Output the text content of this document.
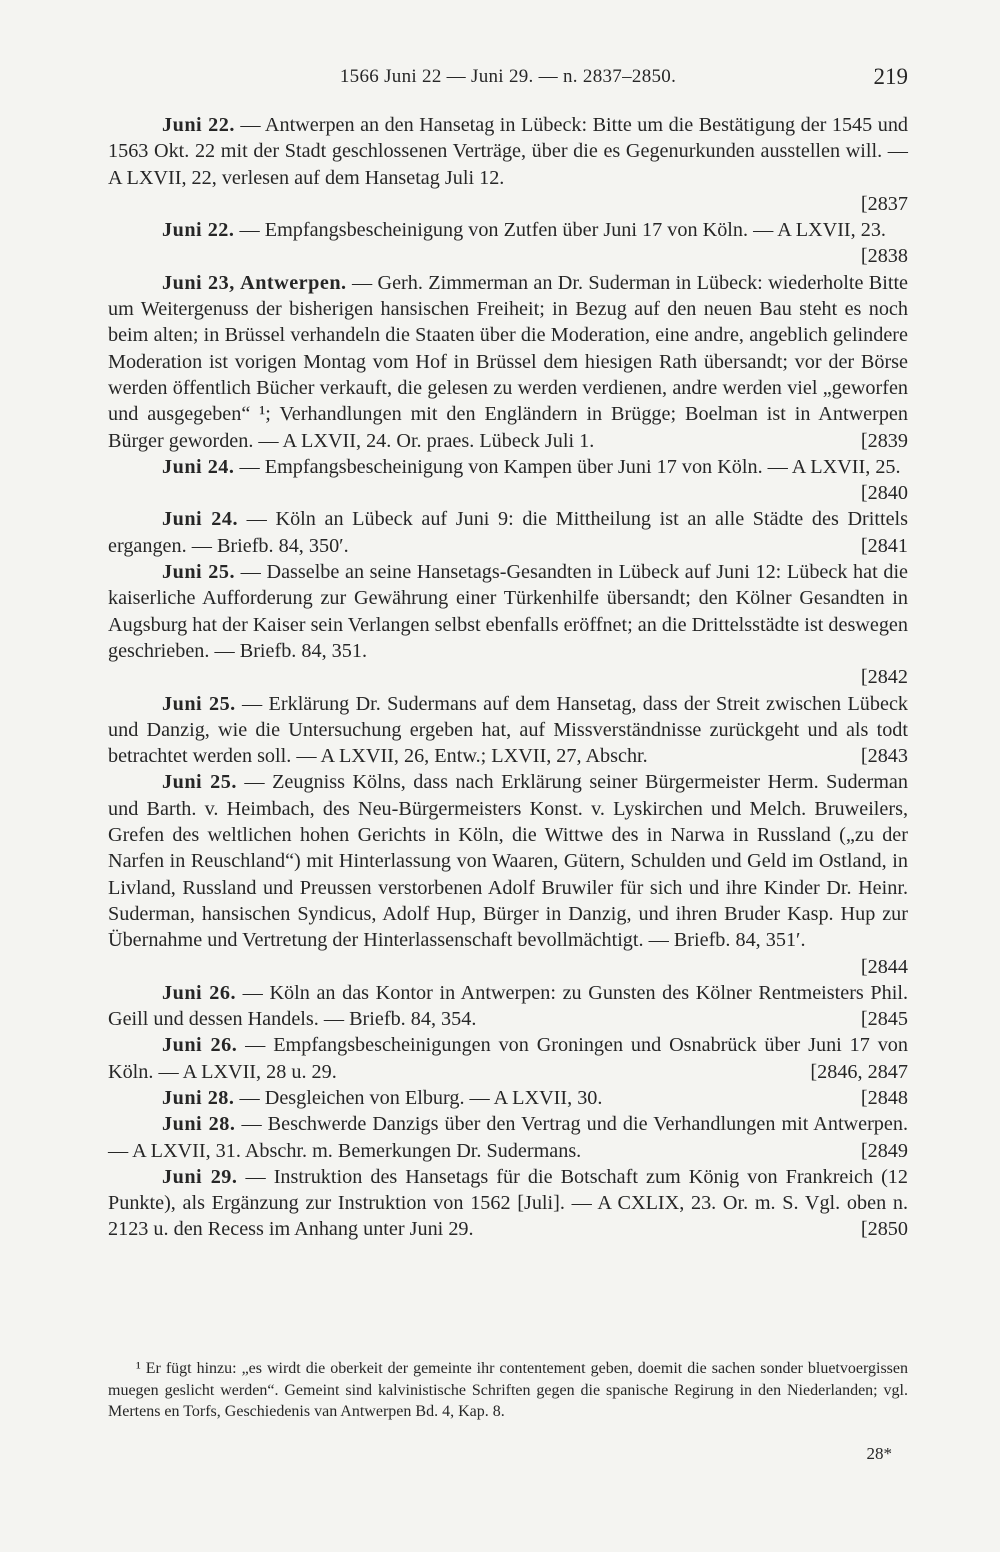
1566 Juni 22 — Juni 29. — n. 2837–2850.	219
Juni 22. — Antwerpen an den Hansetag in Lübeck: Bitte um die Bestätigung der 1545 und 1563 Okt. 22 mit der Stadt geschlossenen Verträge, über die es Gegenurkunden ausstellen will. — A LXVII, 22, verlesen auf dem Hansetag Juli 12.
[2837
Juni 22. — Empfangsbescheinigung von Zutfen über Juni 17 von Köln. — A LXVII, 23.
[2838
Juni 23, Antwerpen. — Gerh. Zimmerman an Dr. Suderman in Lübeck: wiederholte Bitte um Weitergenuss der bisherigen hansischen Freiheit; in Bezug auf den neuen Bau steht es noch beim alten; in Brüssel verhandeln die Staaten über die Moderation, eine andre, angeblich gelindere Moderation ist vorigen Montag vom Hof in Brüssel dem hiesigen Rath übersandt; vor der Börse werden öffentlich Bücher verkauft, die gelesen zu werden verdienen, andre werden viel „geworfen und ausgegeben“ ¹; Verhandlungen mit den Engländern in Brügge; Boelman ist in Antwerpen Bürger geworden. — A LXVII, 24. Or. praes. Lübeck Juli 1.	[2839
Juni 24. — Empfangsbescheinigung von Kampen über Juni 17 von Köln. — A LXVII, 25.
[2840
Juni 24. — Köln an Lübeck auf Juni 9: die Mittheilung ist an alle Städte des Drittels ergangen. — Briefb. 84, 350′.	[2841
Juni 25. — Dasselbe an seine Hansetags-Gesandten in Lübeck auf Juni 12: Lübeck hat die kaiserliche Aufforderung zur Gewährung einer Türkenhilfe übersandt; den Kölner Gesandten in Augsburg hat der Kaiser sein Verlangen selbst ebenfalls eröffnet; an die Drittelsstädte ist deswegen geschrieben. — Briefb. 84, 351.
[2842
Juni 25. — Erklärung Dr. Sudermans auf dem Hansetag, dass der Streit zwischen Lübeck und Danzig, wie die Untersuchung ergeben hat, auf Missverständnisse zurückgeht und als todt betrachtet werden soll. — A LXVII, 26, Entw.; LXVII, 27, Abschr.	[2843
Juni 25. — Zeugniss Kölns, dass nach Erklärung seiner Bürgermeister Herm. Suderman und Barth. v. Heimbach, des Neu-Bürgermeisters Konst. v. Lyskirchen und Melch. Bruweilers, Grefen des weltlichen hohen Gerichts in Köln, die Wittwe des in Narwa in Russland („zu der Narfen in Reuschland“) mit Hinterlassung von Waaren, Gütern, Schulden und Geld im Ostland, in Livland, Russland und Preussen verstorbenen Adolf Bruwiler für sich und ihre Kinder Dr. Heinr. Suderman, hansischen Syndicus, Adolf Hup, Bürger in Danzig, und ihren Bruder Kasp. Hup zur Übernahme und Vertretung der Hinterlassenschaft bevollmächtigt. — Briefb. 84, 351′.
[2844
Juni 26. — Köln an das Kontor in Antwerpen: zu Gunsten des Kölner Rentmeisters Phil. Geill und dessen Handels. — Briefb. 84, 354.	[2845
Juni 26. — Empfangsbescheinigungen von Groningen und Osnabrück über Juni 17 von Köln. — A LXVII, 28 u. 29.	[2846, 2847
Juni 28. — Desgleichen von Elburg. — A LXVII, 30.	[2848
Juni 28. — Beschwerde Danzigs über den Vertrag und die Verhandlungen mit Antwerpen. — A LXVII, 31. Abschr. m. Bemerkungen Dr. Sudermans.	[2849
Juni 29. — Instruktion des Hansetags für die Botschaft zum König von Frankreich (12 Punkte), als Ergänzung zur Instruktion von 1562 [Juli]. — A CXLIX, 23. Or. m. S. Vgl. oben n. 2123 u. den Recess im Anhang unter Juni 29.	[2850

¹ Er fügt hinzu: „es wirdt die oberkeit der gemeinte ihr contentement geben, doemit die sachen sonder bluetvoergissen muegen geslicht werden“. Gemeint sind kalvinistische Schriften gegen die spanische Regirung in den Niederlanden; vgl. Mertens en Torfs, Geschiedenis van Antwerpen Bd. 4, Kap. 8.

28*
